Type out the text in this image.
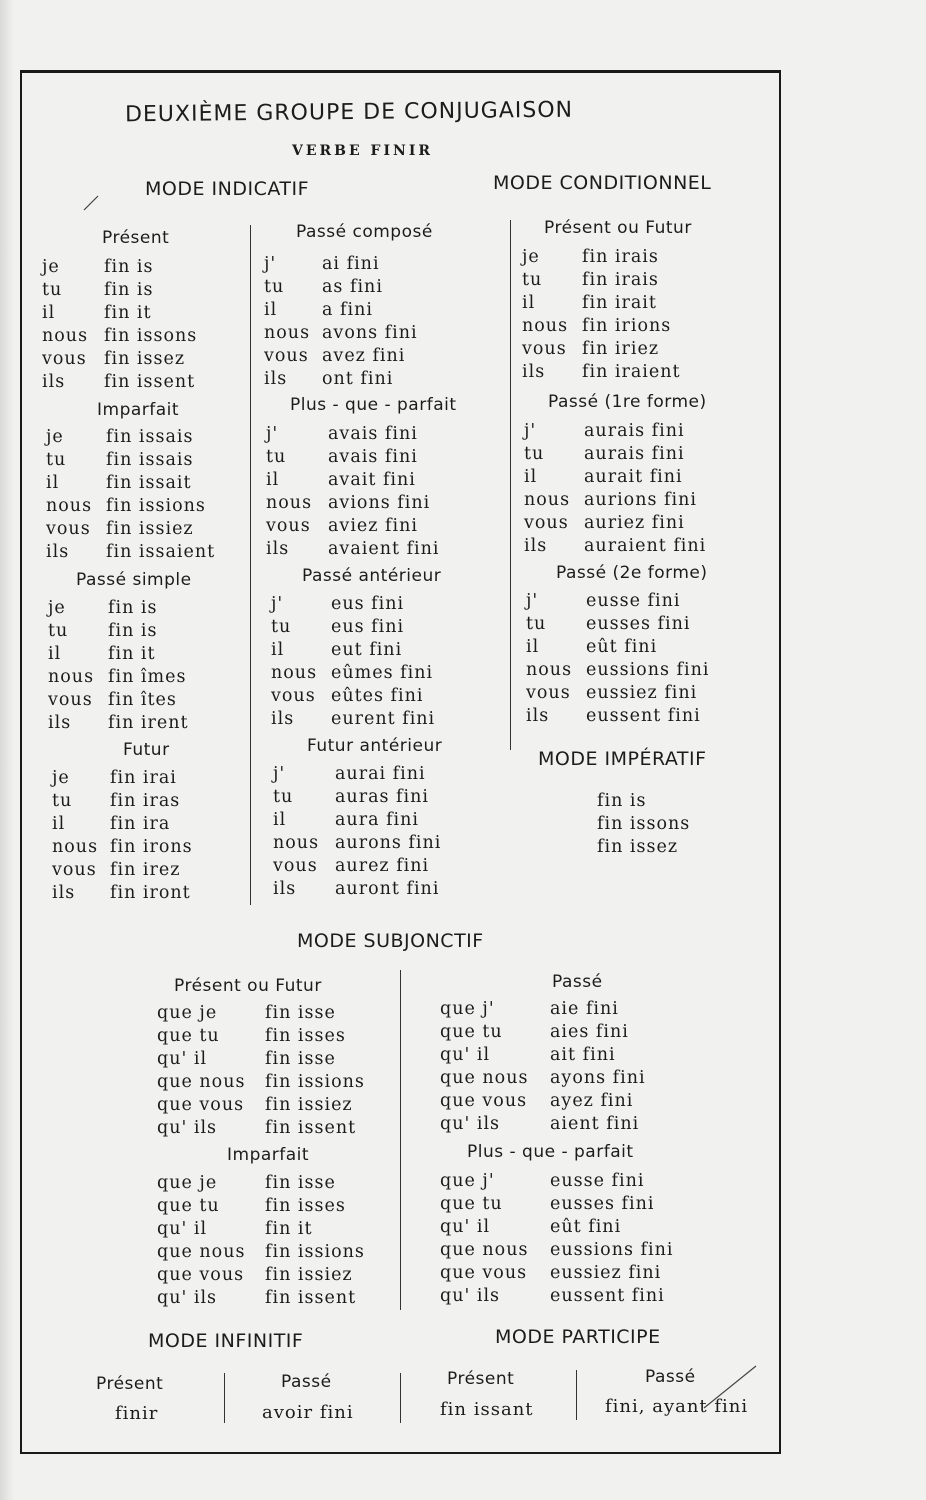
DEUXIÈME GROUPE DE CONJUGAISON
VERBE FINIR
MODE INDICATIF	MODE CONDITIONNEL
Présent
je	fin is
tu fin is
il	fin it
nous fin issons
vous fin issez
ils fin issent
Imparfait
je fin issais
tu fin issais
il	fin issait
nous fin issions
vous fin issiez
ils fin issaient
Passé simple
je fin is
tu fin is
il	fin it
nous fin îmes
vous fin îtes
ils fin irent
Futur
je fin irai
tu fin iras
il	fin ira
nous fin irons
vous fin irez
ils fin iront
Passé composé
j'	ai fini
tu as fini
il	a fini
nous avons fini
vous avez fini
ils ont fini
Plus - que - parfait
j'	avais fini
tu avais fini
il	avait fini
nous avions fini
vous aviez fini
ils avaient fini
Passé antérieur
j'	eus fini
tu eus fini
il	eut fini
nous eûmes fini
vous eûtes fini
ils eurent fini
Futur antérieur
j'	aurai fini
tu auras fini
il	aura fini
nous aurons fini
vous aurez fini
ils auront fini
Présent ou Futur
je fin irais
tu fin irais
il	fin irait
nous fin irions
vous fin iriez
ils fin iraient
Passé (1re forme)
j'	aurais fini
tu aurais fini
il	aurait fini
nous aurions fini
vous auriez fini
ils auraient fini
Passé (2e forme)
j'	eusse fini
tu eusses fini
il	eût fini
nous eussions fini
vous eussiez fini
ils eussent fini
MODE IMPÉRATIF
fin is
fin issons
fin issez
MODE SUBJONCTIF
Présent ou Futur
que je	fin isse
que tu	fin isses
qu' il	fin isse
que nous fin issions
que vous fin issiez
qu' ils	fin issent
Imparfait
que je	fin isse
que tu	fin isses
qu' il	fin it
que nous fin issions
que vous fin issiez
qu' ils	fin issent
Passé
que j'	aie fini
que tu	aies fini
qu' il	ait fini
que nous ayons fini
que vous ayez fini
qu' ils	aient fini
Plus - que - parfait
que j'	eusse fini
que tu	eusses fini
qu' il	eût fini
que nous eussions fini
que vous eussiez fini
qu' ils	eussent fini
MODE INFINITIF	MODE PARTICIPE
Présent
finir
Passé
avoir fini
Présent
fin issant
Passé
fini, ayant fini
